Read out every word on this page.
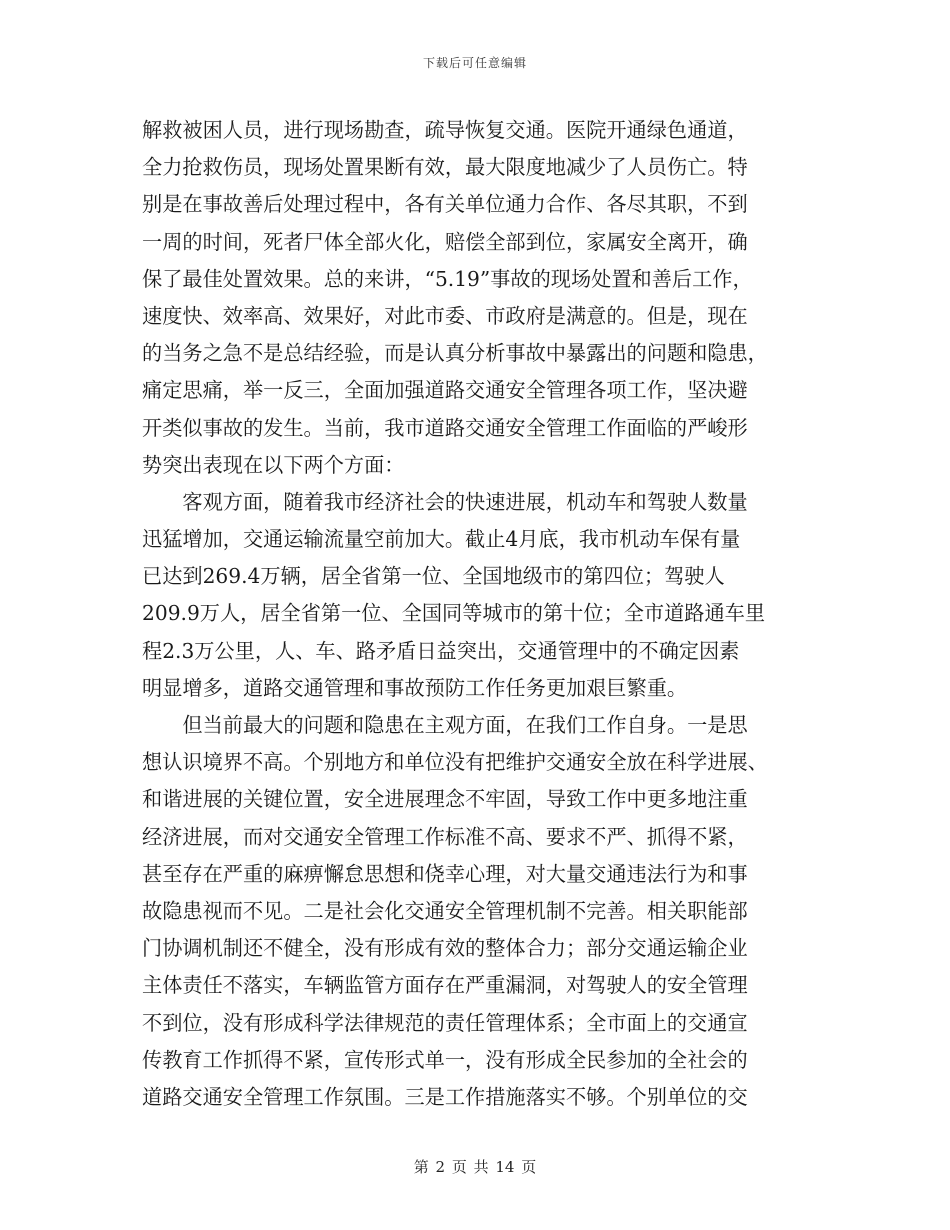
下载后可任意编辑
解救被困人员，进行现场勘查，疏导恢复交通。医院开通绿色通道，
全力抢救伤员，现场处置果断有效，最大限度地减少了人员伤亡。特
别是在事故善后处理过程中，各有关单位通力合作、各尽其职，不到
一周的时间，死者尸体全部火化，赔偿全部到位，家属安全离开，确
保了最佳处置效果。总的来讲，“5.19”事故的现场处置和善后工作，
速度快、效率高、效果好，对此市委、市政府是满意的。但是，现在
的当务之急不是总结经验，而是认真分析事故中暴露出的问题和隐患，
痛定思痛，举一反三，全面加强道路交通安全管理各项工作，坚决避
开类似事故的发生。当前，我市道路交通安全管理工作面临的严峻形
势突出表现在以下两个方面：
　　客观方面，随着我市经济社会的快速进展，机动车和驾驶人数量
迅猛增加，交通运输流量空前加大。截止4月底，我市机动车保有量
已达到269.4万辆，居全省第一位、全国地级市的第四位；驾驶人
209.9万人，居全省第一位、全国同等城市的第十位；全市道路通车里
程2.3万公里，人、车、路矛盾日益突出，交通管理中的不确定因素
明显增多，道路交通管理和事故预防工作任务更加艰巨繁重。
　　但当前最大的问题和隐患在主观方面，在我们工作自身。一是思
想认识境界不高。个别地方和单位没有把维护交通安全放在科学进展、
和谐进展的关键位置，安全进展理念不牢固，导致工作中更多地注重
经济进展，而对交通安全管理工作标准不高、要求不严、抓得不紧，
甚至存在严重的麻痹懈怠思想和侥幸心理，对大量交通违法行为和事
故隐患视而不见。二是社会化交通安全管理机制不完善。相关职能部
门协调机制还不健全，没有形成有效的整体合力；部分交通运输企业
主体责任不落实，车辆监管方面存在严重漏洞，对驾驶人的安全管理
不到位，没有形成科学法律规范的责任管理体系；全市面上的交通宣
传教育工作抓得不紧，宣传形式单一，没有形成全民参加的全社会的
道路交通安全管理工作氛围。三是工作措施落实不够。个别单位的交
第 2 页 共 14 页
